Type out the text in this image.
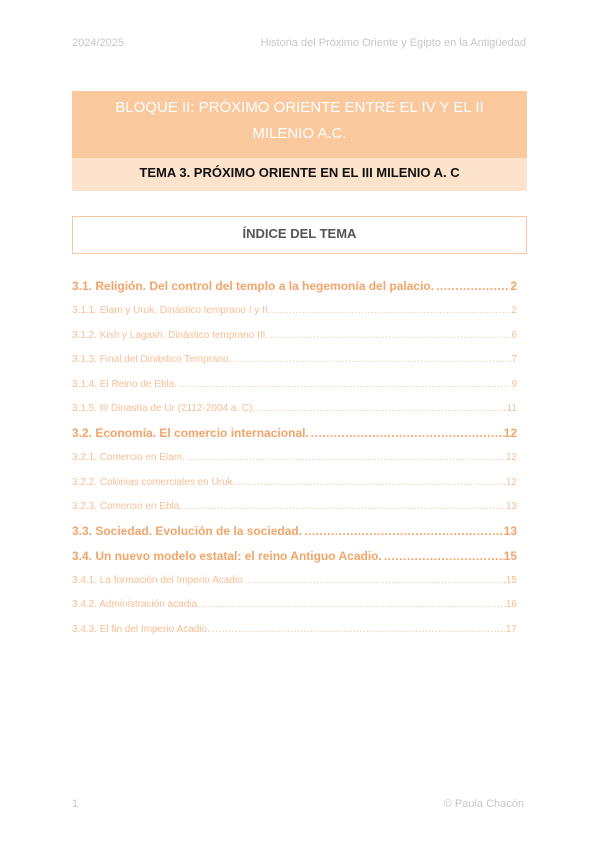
2024/2025	Historia del Próximo Oriente y Egipto en la Antigüedad
BLOQUE II: PRÓXIMO ORIENTE ENTRE EL IV Y EL II
MILENIO A.C.
TEMA 3. PRÓXIMO ORIENTE EN EL III MILENIO A. C
ÍNDICE DEL TEMA
3.1. Religión. Del control del templo a la hegemonía del palacio. .....	2
3.1.1. Elam y Uruk. Dinástico temprano I y II. .....	2
3.1.2. Kish y Lagash. Dinástico temprano III. .....	6
3.1.3. Final del Dinástico Temprano. .....	7
3.1.4. El Reino de Ebla. .....	9
3.1.5. III Dinastía de Ur (2112-2004 a. C). .....	11
3.2. Economía. El comercio internacional. .....	12
3.2.1. Comercio en Elam. .....	12
3.2.2. Colonias comerciales en Uruk. .....	12
3.2.3. Comercio en Ebla. .....	13
3.3. Sociedad. Evolución de la sociedad. .....	13
3.4. Un nuevo modelo estatal: el reino Antiguo Acadio. .....	15
3.4.1. La formación del Imperio Acadio. .....	15
3.4.2. Administración acadia. .....	16
3.4.3. El fin del Imperio Acadio. .....	17
1	© Paula Chacón
